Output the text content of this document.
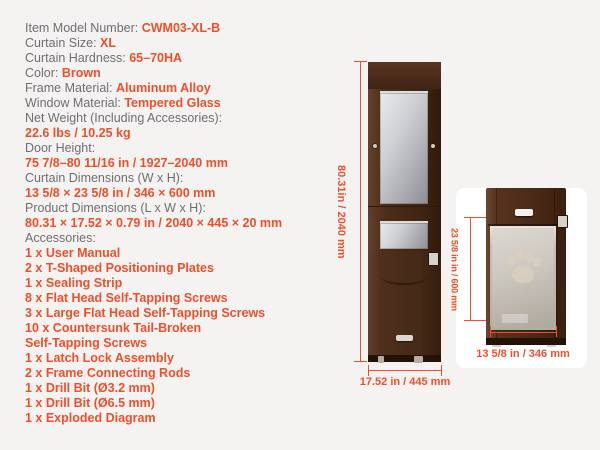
Item Model Number: CWM03-XL-B
Curtain Size: XL
Curtain Hardness: 65–70HA
Color: Brown
Frame Material: Aluminum Alloy
Window Material: Tempered Glass
Net Weight (Including Accessories):
22.6 lbs / 10.25 kg
Door Height:
75 7/8–80 11/16 in / 1927–2040 mm
Curtain Dimensions (W x H):
13 5/8 × 23 5/8 in / 346 × 600 mm
Product Dimensions (L x W x H):
80.31 × 17.52 × 0.79 in / 2040 × 445 × 20 mm
Accessories:
1 x User Manual
2 x T-Shaped Positioning Plates
1 x Sealing Strip
8 x Flat Head Self-Tapping Screws
3 x Large Flat Head Self-Tapping Screws
10 x Countersunk Tail-Broken
Self-Tapping Screws
1 x Latch Lock Assembly
2 x Frame Connecting Rods
1 x Drill Bit (Ø3.2 mm)
1 x Drill Bit (Ø6.5 mm)
1 x Exploded Diagram
80.31in / 2040 mm
17.52 in / 445 mm
23 5/8 in in / 600 mm
13 5/8 in / 346 mm
